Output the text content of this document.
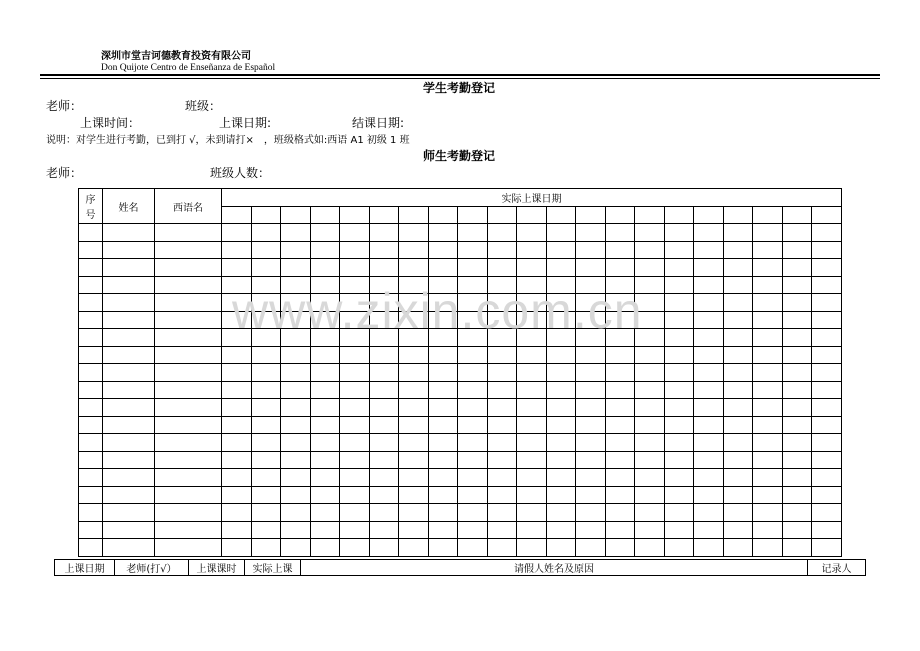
深圳市堂吉诃德教育投资有限公司
Don Quijote Centro de Enseñanza de Español
学生考勤登记
老师：	班级：
上课时间：	上课日期:	结课日期:
说明：对学生进行考勤，已到打 √，未到请打×　，班级格式如:西语 A1 初级 1 班
师生考勤登记
老师：	班级人数：
序
号	姓名	西语名	实际上课日期																				

上课日期	老师(打√）	上课课时	实际上课	请假人姓名及原因	记录人
www.zixin.com.cn
